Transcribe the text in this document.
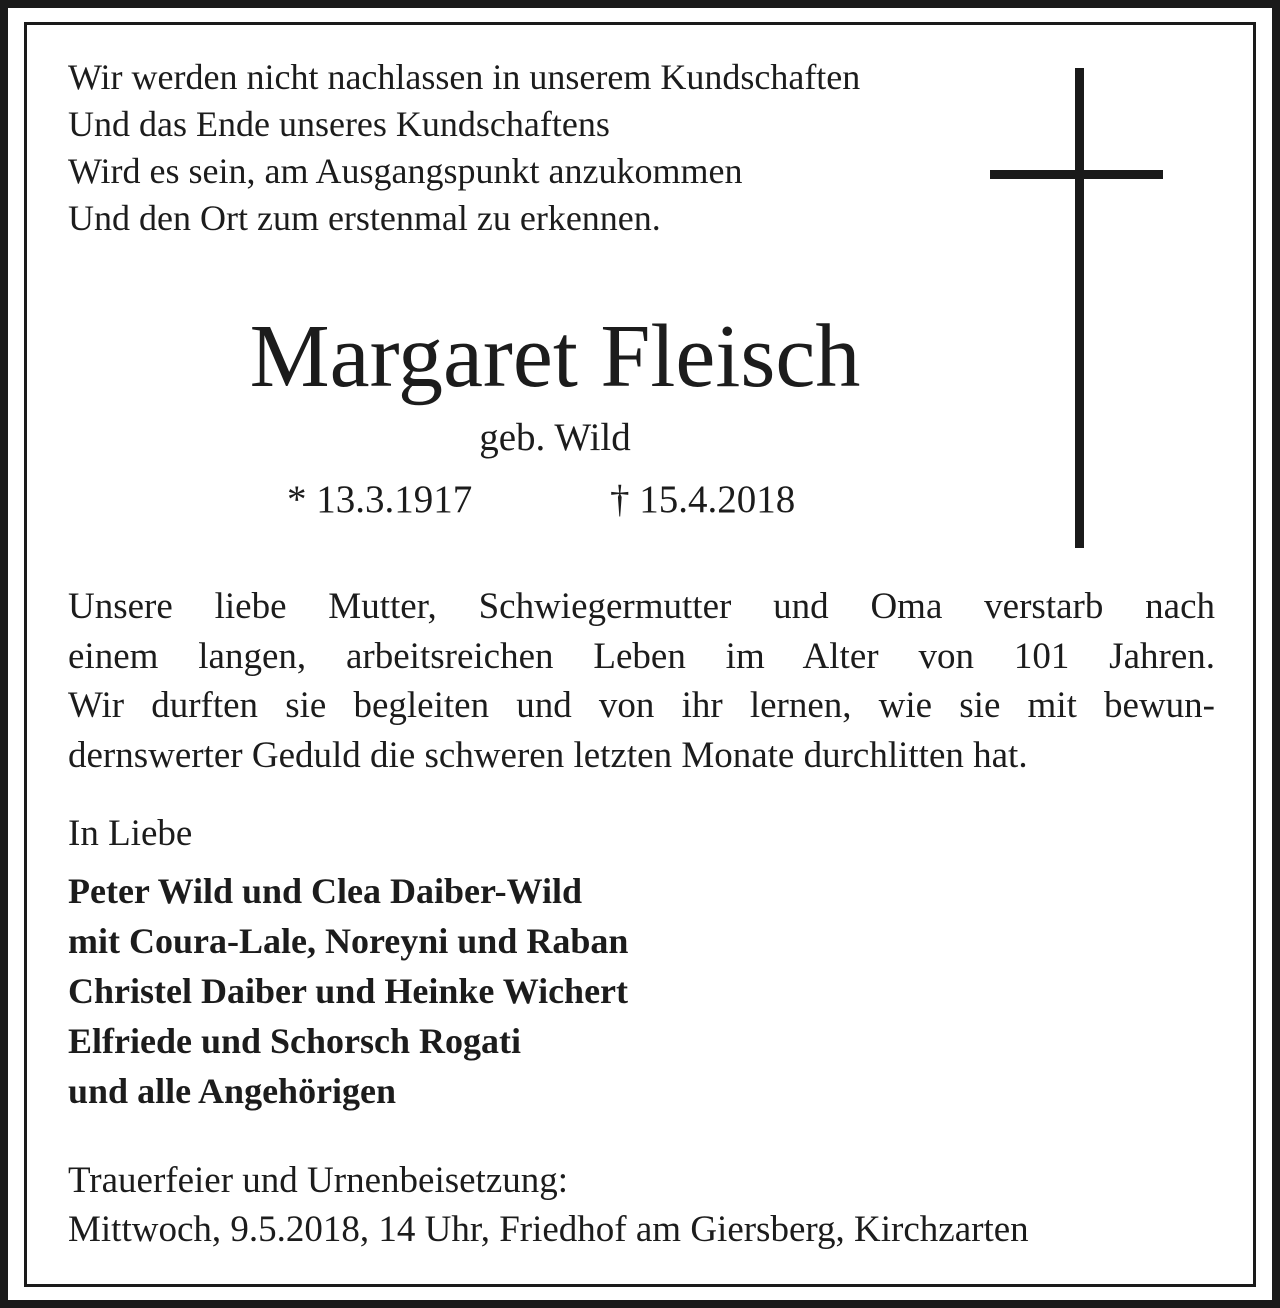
Wir werden nicht nachlassen in unserem Kundschaften
Und das Ende unseres Kundschaftens
Wird es sein, am Ausgangspunkt anzukommen
Und den Ort zum erstenmal zu erkennen.
Margaret Fleisch
geb. Wild
* 13.3.1917	† 15.4.2018
Unsere liebe Mutter, Schwiegermutter und Oma verstarb nach
einem langen, arbeitsreichen Leben im Alter von 101 Jahren.
Wir durften sie begleiten und von ihr lernen, wie sie mit bewun-
dernswerter Geduld die schweren letzten Monate durchlitten hat.
In Liebe
Peter Wild und Clea Daiber-Wild
mit Coura-Lale, Noreyni und Raban
Christel Daiber und Heinke Wichert
Elfriede und Schorsch Rogati
und alle Angehörigen
Trauerfeier und Urnenbeisetzung:
Mittwoch, 9.5.2018, 14 Uhr, Friedhof am Giersberg, Kirchzarten
